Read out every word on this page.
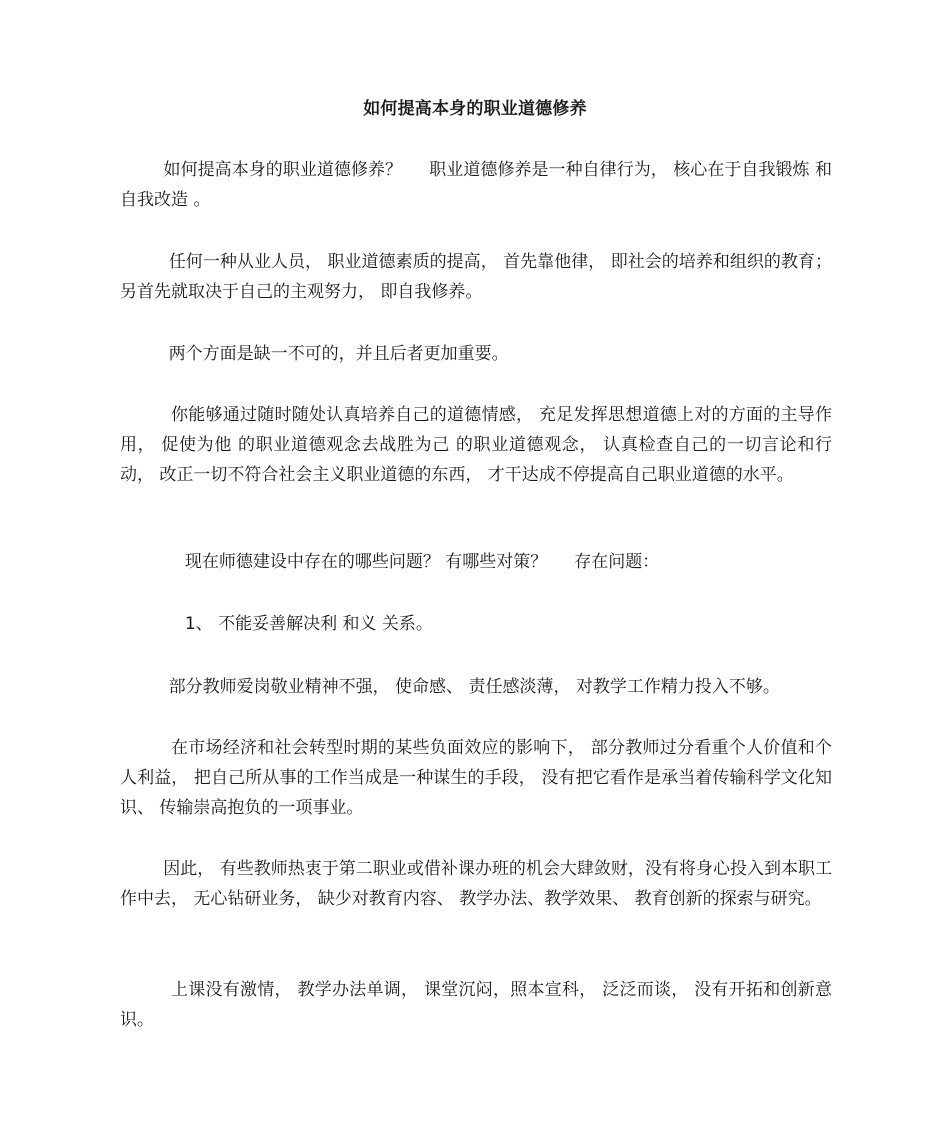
如何提高本身的职业道德修养

如何提高本身的职业道德修养？     职业道德修养是一种自律行为， 核心在于自我锻炼 和自我改造 。

任何一种从业人员， 职业道德素质的提高， 首先靠他律， 即社会的培养和组织的教育； 另首先就取决于自己的主观努力， 即自我修养。

两个方面是缺一不可的，并且后者更加重要。

你能够通过随时随处认真培养自己的道德情感， 充足发挥思想道德上对的方面的主导作用， 促使为他 的职业道德观念去战胜为己 的职业道德观念， 认真检查自己的一切言论和行动， 改正一切不符合社会主义职业道德的东西， 才干达成不停提高自己职业道德的水平。

现在师德建设中存在的哪些问题？ 有哪些对策？     存在问题：

1、 不能妥善解决利 和义 关系。

部分教师爱岗敬业精神不强， 使命感、 责任感淡薄， 对教学工作精力投入不够。

在市场经济和社会转型时期的某些负面效应的影响下， 部分教师过分看重个人价值和个人利益， 把自己所从事的工作当成是一种谋生的手段， 没有把它看作是承当着传输科学文化知识、 传输崇高抱负的一项事业。

因此， 有些教师热衷于第二职业或借补课办班的机会大肆敛财，没有将身心投入到本职工作中去， 无心钻研业务， 缺少对教育内容、 教学办法、教学效果、 教育创新的探索与研究。

上课没有激情， 教学办法单调， 课堂沉闷，照本宣科， 泛泛而谈， 没有开拓和创新意识。
